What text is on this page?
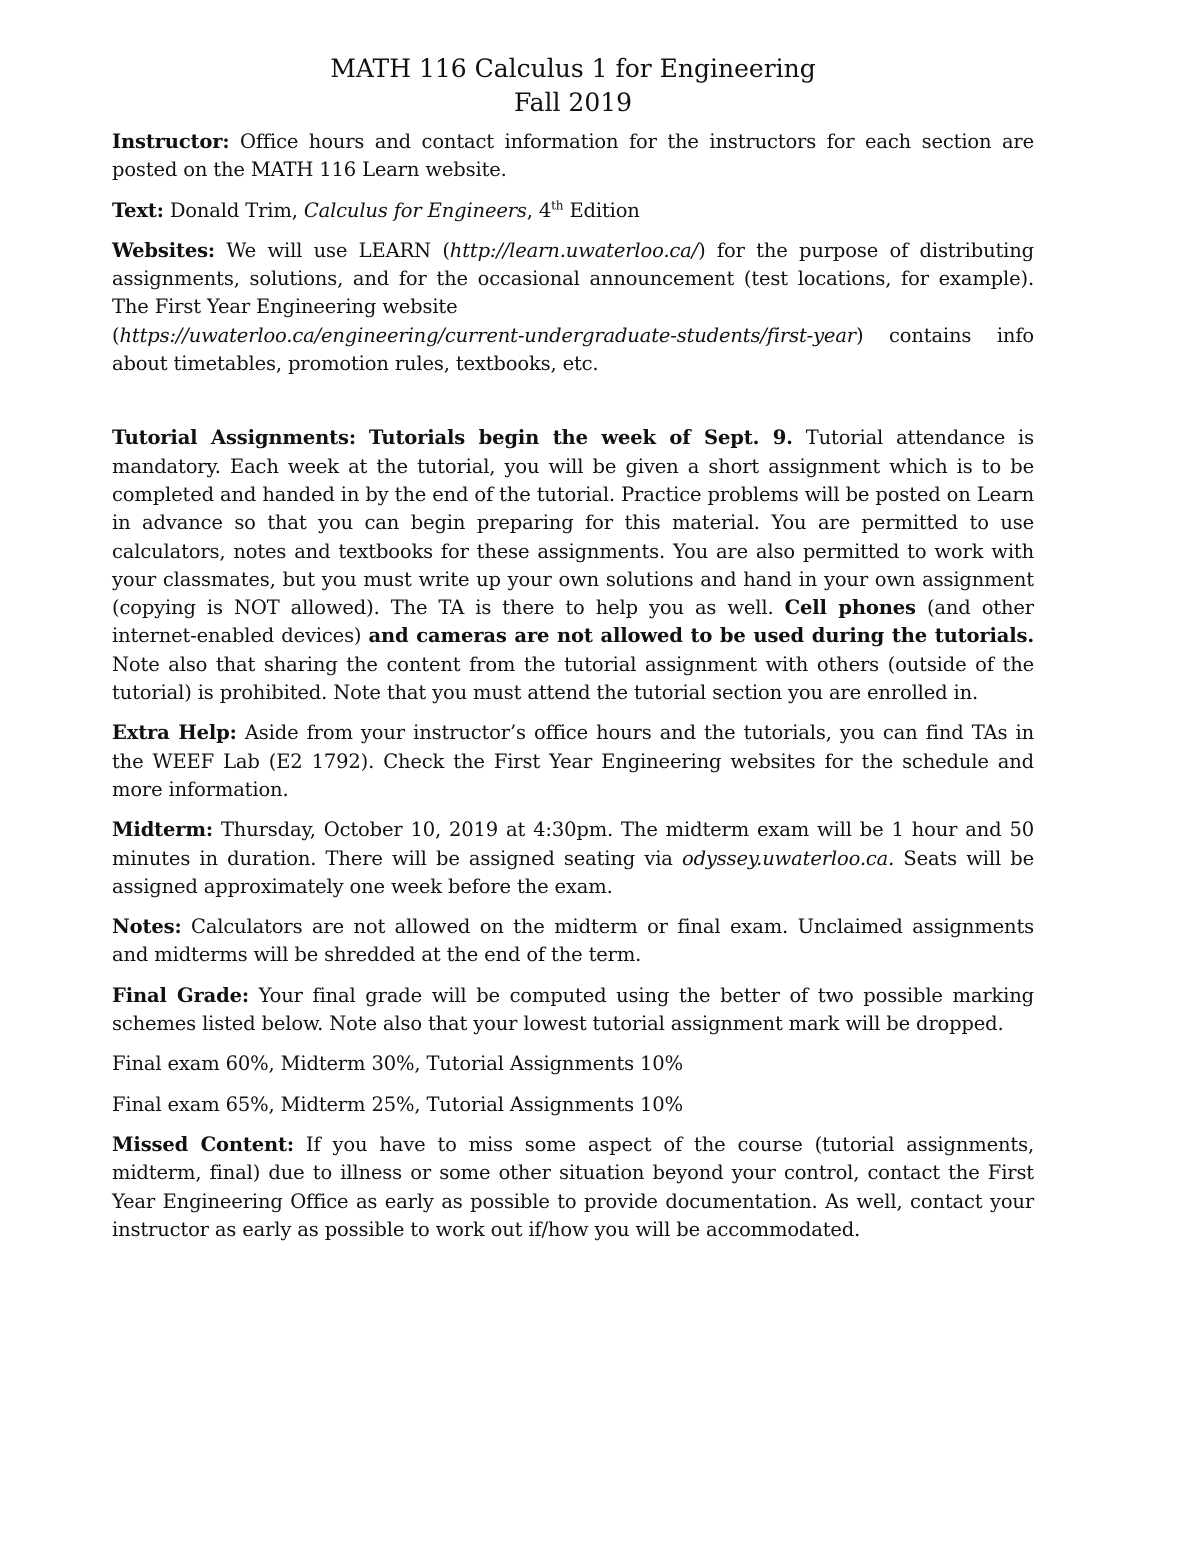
MATH 116 Calculus 1 for Engineering
Fall 2019

Instructor: Office hours and contact information for the instructors for each section are posted on the MATH 116 Learn website.

Text: Donald Trim, Calculus for Engineers, 4th Edition

Websites: We will use LEARN (http://learn.uwaterloo.ca/) for the purpose of distributing assignments, solutions, and for the occasional announcement (test locations, for example). The First Year Engineering website
(https://uwaterloo.ca/engineering/current-undergraduate-students/first-year) contains info about timetables, promotion rules, textbooks, etc.

Tutorial Assignments: Tutorials begin the week of Sept. 9. Tutorial attendance is mandatory. Each week at the tutorial, you will be given a short assignment which is to be completed and handed in by the end of the tutorial. Practice problems will be posted on Learn in advance so that you can begin preparing for this material. You are permitted to use calculators, notes and textbooks for these assignments. You are also permitted to work with your classmates, but you must write up your own solutions and hand in your own assignment (copying is NOT allowed). The TA is there to help you as well. Cell phones (and other internet-enabled devices) and cameras are not allowed to be used during the tutorials. Note also that sharing the content from the tutorial assignment with others (outside of the tutorial) is prohibited. Note that you must attend the tutorial section you are enrolled in.

Extra Help: Aside from your instructor’s office hours and the tutorials, you can find TAs in the WEEF Lab (E2 1792). Check the First Year Engineering websites for the schedule and more information.

Midterm: Thursday, October 10, 2019 at 4:30pm. The midterm exam will be 1 hour and 50 minutes in duration. There will be assigned seating via odyssey.uwaterloo.ca. Seats will be assigned approximately one week before the exam.

Notes: Calculators are not allowed on the midterm or final exam. Unclaimed assignments and midterms will be shredded at the end of the term.

Final Grade: Your final grade will be computed using the better of two possible marking schemes listed below. Note also that your lowest tutorial assignment mark will be dropped.

Final exam 60%, Midterm 30%, Tutorial Assignments 10%

Final exam 65%, Midterm 25%, Tutorial Assignments 10%

Missed Content: If you have to miss some aspect of the course (tutorial assignments, midterm, final) due to illness or some other situation beyond your control, contact the First Year Engineering Office as early as possible to provide documentation. As well, contact your instructor as early as possible to work out if/how you will be accommodated.
